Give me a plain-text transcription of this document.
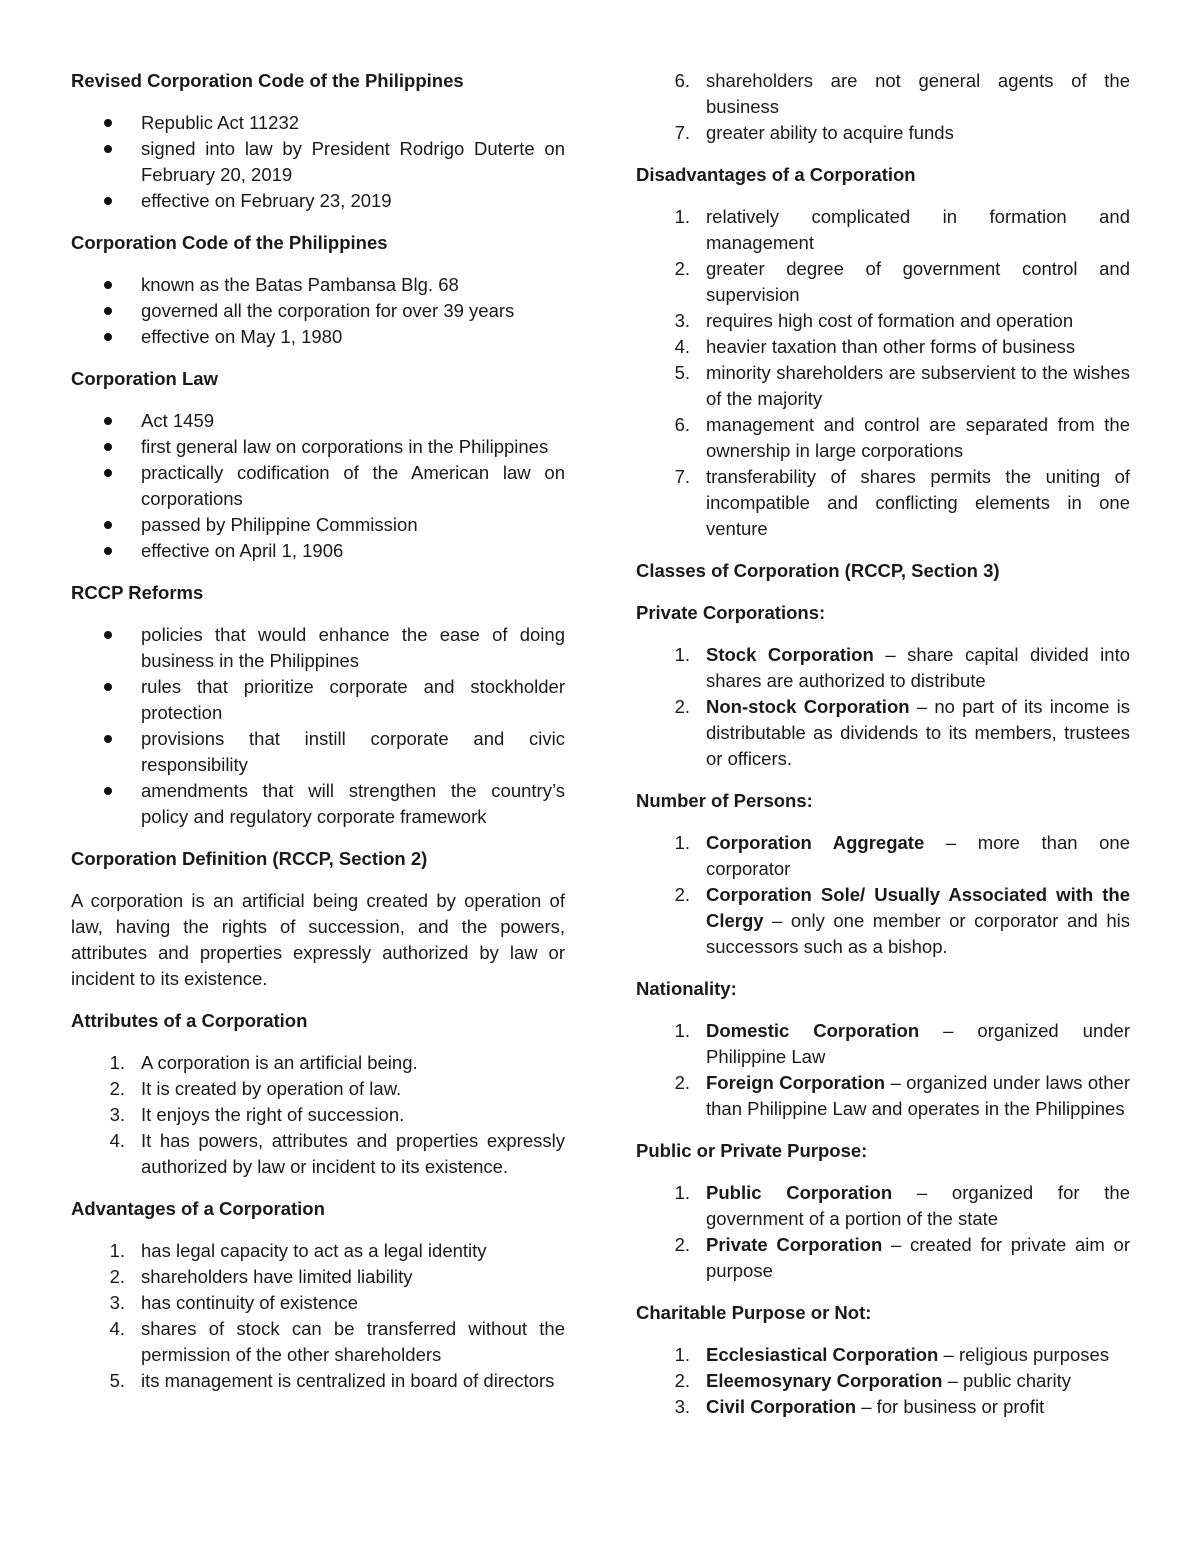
Revised Corporation Code of the Philippines
Republic Act 11232
signed into law by President Rodrigo Duterte on February 20, 2019
effective on February 23, 2019
Corporation Code of the Philippines
known as the Batas Pambansa Blg. 68
governed all the corporation for over 39 years
effective on May 1, 1980
Corporation Law
Act 1459
first general law on corporations in the Philippines
practically codification of the American law on corporations
passed by Philippine Commission
effective on April 1, 1906
RCCP Reforms
policies that would enhance the ease of doing business in the Philippines
rules that prioritize corporate and stockholder protection
provisions that instill corporate and civic responsibility
amendments that will strengthen the country’s policy and regulatory corporate framework
Corporation Definition (RCCP, Section 2)

A corporation is an artificial being created by operation of law, having the rights of succession, and the powers, attributes and properties expressly authorized by law or incident to its existence.

Attributes of a Corporation
1 . A corporation is an artificial being.
2 . It is created by operation of law.
3 . It enjoys the right of succession.
4 . It has powers, attributes and properties expressly authorized by law or incident to its existence.
Advantages of a Corporation
1 . has legal capacity to act as a legal identity
2 . shareholders have limited liability
3 . has continuity of existence
4 . shares of stock can be transferred without the permission of the other shareholders
5 . its management is centralized in board of directors
6 . shareholders are not general agents of the business
7 . greater ability to acquire funds
Disadvantages of a Corporation
1 . relatively complicated in formation and management
2 . greater degree of government control and supervision
3 . requires high cost of formation and operation
4 . heavier taxation than other forms of business
5 . minority shareholders are subservient to the wishes of the majority
6 . management and control are separated from the ownership in large corporations
7 . transferability of shares permits the uniting of incompatible and conflicting elements in one venture
Classes of Corporation (RCCP, Section 3)
Private Corporations:
1 . Stock Corporation – share capital divided into shares are authorized to distribute
2 . Non-stock Corporation – no part of its income is distributable as dividends to its members, trustees or officers.
Number of Persons:
1 . Corporation Aggregate – more than one corporator
2 . Corporation Sole/ Usually Associated with the Clergy – only one member or corporator and his successors such as a bishop.
Nationality:
1 . Domestic Corporation – organized under Philippine Law
2 . Foreign Corporation – organized under laws other than Philippine Law and operates in the Philippines
Public or Private Purpose:
1 . Public Corporation – organized for the government of a portion of the state
2 . Private Corporation – created for private aim or purpose
Charitable Purpose or Not:
1 . Ecclesiastical Corporation – religious purposes
2 . Eleemosynary Corporation – public charity
3 . Civil Corporation – for business or profit
